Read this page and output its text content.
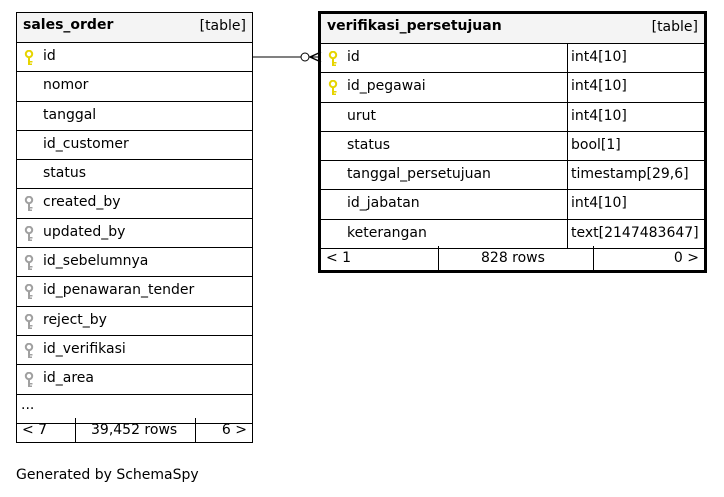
sales_order	[table]
id
nomor
tanggal
id_customer
status
created_by
updated_by
id_sebelumnya
id_penawaran_tender
reject_by
id_verifikasi
id_area
...
< 7	39,452 rows	6 >
verifikasi_persetujuan	[table]
id	int4[10]
id_pegawai	int4[10]
urut	int4[10]
status	bool[1]
tanggal_persetujuan	timestamp[29,6]
id_jabatan	int4[10]
keterangan	text[2147483647]
< 1	828 rows	0 >
Generated by SchemaSpy
